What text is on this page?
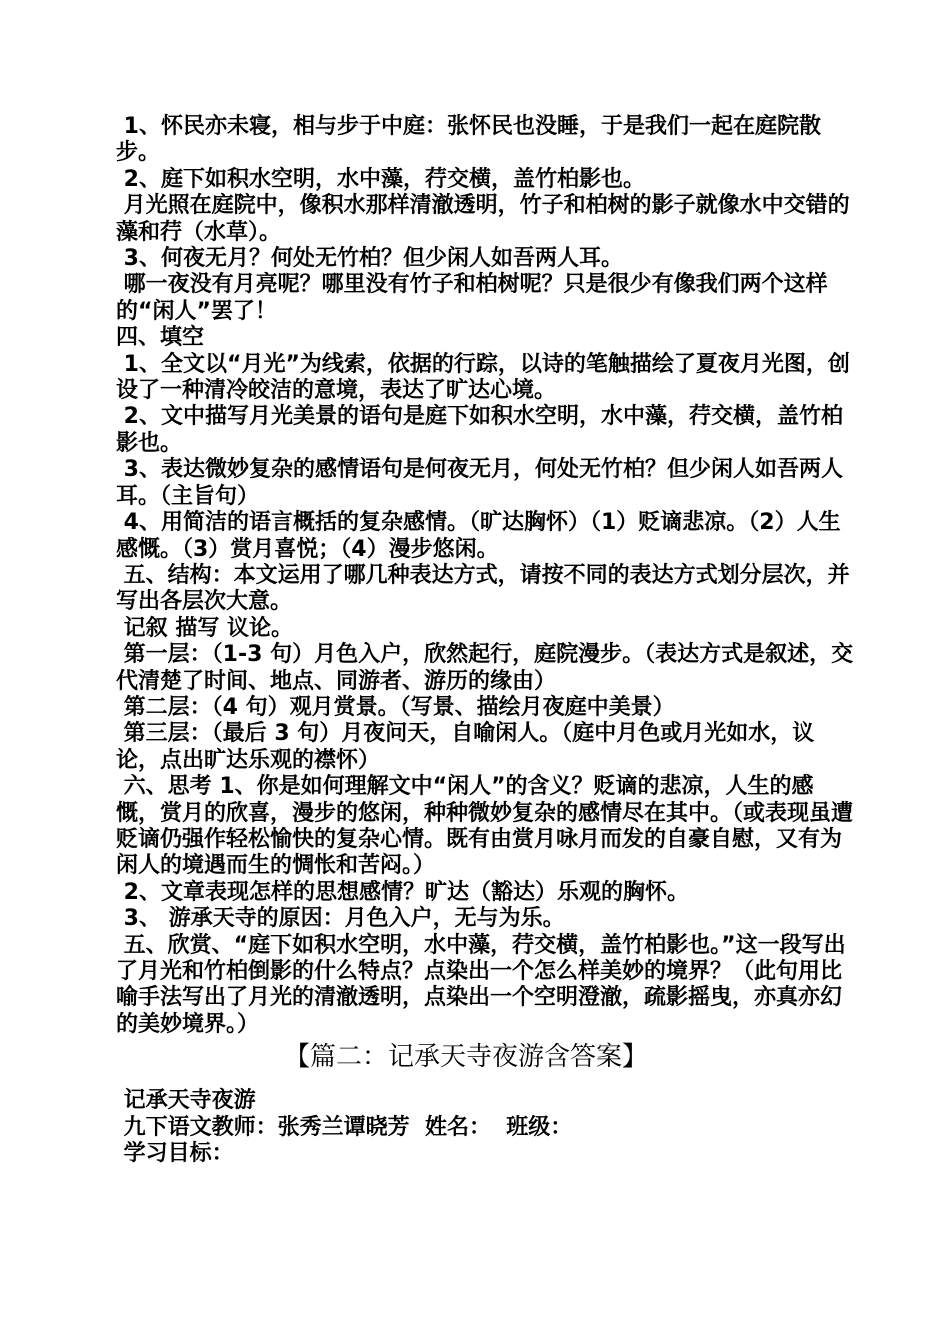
1、怀民亦未寝，相与步于中庭：张怀民也没睡，于是我们一起在庭院散步。

2、庭下如积水空明，水中藻，荇交横，盖竹柏影也。

月光照在庭院中，像积水那样清澈透明，竹子和柏树的影子就像水中交错的藻和荇（水草）。

3、何夜无月？何处无竹柏？但少闲人如吾两人耳。

哪一夜没有月亮呢？哪里没有竹子和柏树呢？只是很少有像我们两个这样的“闲人”罢了！

四、填空

1、全文以“月光”为线索，依据的行踪，以诗的笔触描绘了夏夜月光图，创设了一种清冷皎洁的意境，表达了旷达心境。

2、文中描写月光美景的语句是庭下如积水空明，水中藻，荇交横，盖竹柏影也。

3、表达微妙复杂的感情语句是何夜无月，何处无竹柏？但少闲人如吾两人耳。（主旨句）

4、用简洁的语言概括的复杂感情。（旷达胸怀）（1）贬谪悲凉。（2）人生感慨。（3）赏月喜悦；（4）漫步悠闲。

五、结构：本文运用了哪几种表达方式，请按不同的表达方式划分层次，并写出各层次大意。

记叙 描写 议论。

第一层：（1-3 句）月色入户，欣然起行，庭院漫步。（表达方式是叙述，交代清楚了时间、地点、同游者、游历的缘由）

第二层：（4 句）观月赏景。（写景、描绘月夜庭中美景）

第三层：（最后 3 句）月夜问天，自喻闲人。（庭中月色或月光如水，议论，点出旷达乐观的襟怀）

六、思考 1、你是如何理解文中“闲人”的含义？贬谪的悲凉，人生的感慨，赏月的欣喜，漫步的悠闲，种种微妙复杂的感情尽在其中。（或表现虽遭贬谪仍强作轻松愉快的复杂心情。既有由赏月咏月而发的自豪自慰，又有为闲人的境遇而生的惆怅和苦闷。）

2、文章表现怎样的思想感情？旷达（豁达）乐观的胸怀。

3、 游承天寺的原因：月色入户，无与为乐。

五、欣赏、“庭下如积水空明，水中藻，荇交横，盖竹柏影也。”这一段写出了月光和竹柏倒影的什么特点？点染出一个怎么样美妙的境界？（此句用比喻手法写出了月光的清澈透明，点染出一个空明澄澈，疏影摇曳，亦真亦幻的美妙境界。）

【篇二：记承天寺夜游含答案】

记承天寺夜游

九下语文教师：张秀兰谭晓芳  姓名：  班级：

学习目标：
